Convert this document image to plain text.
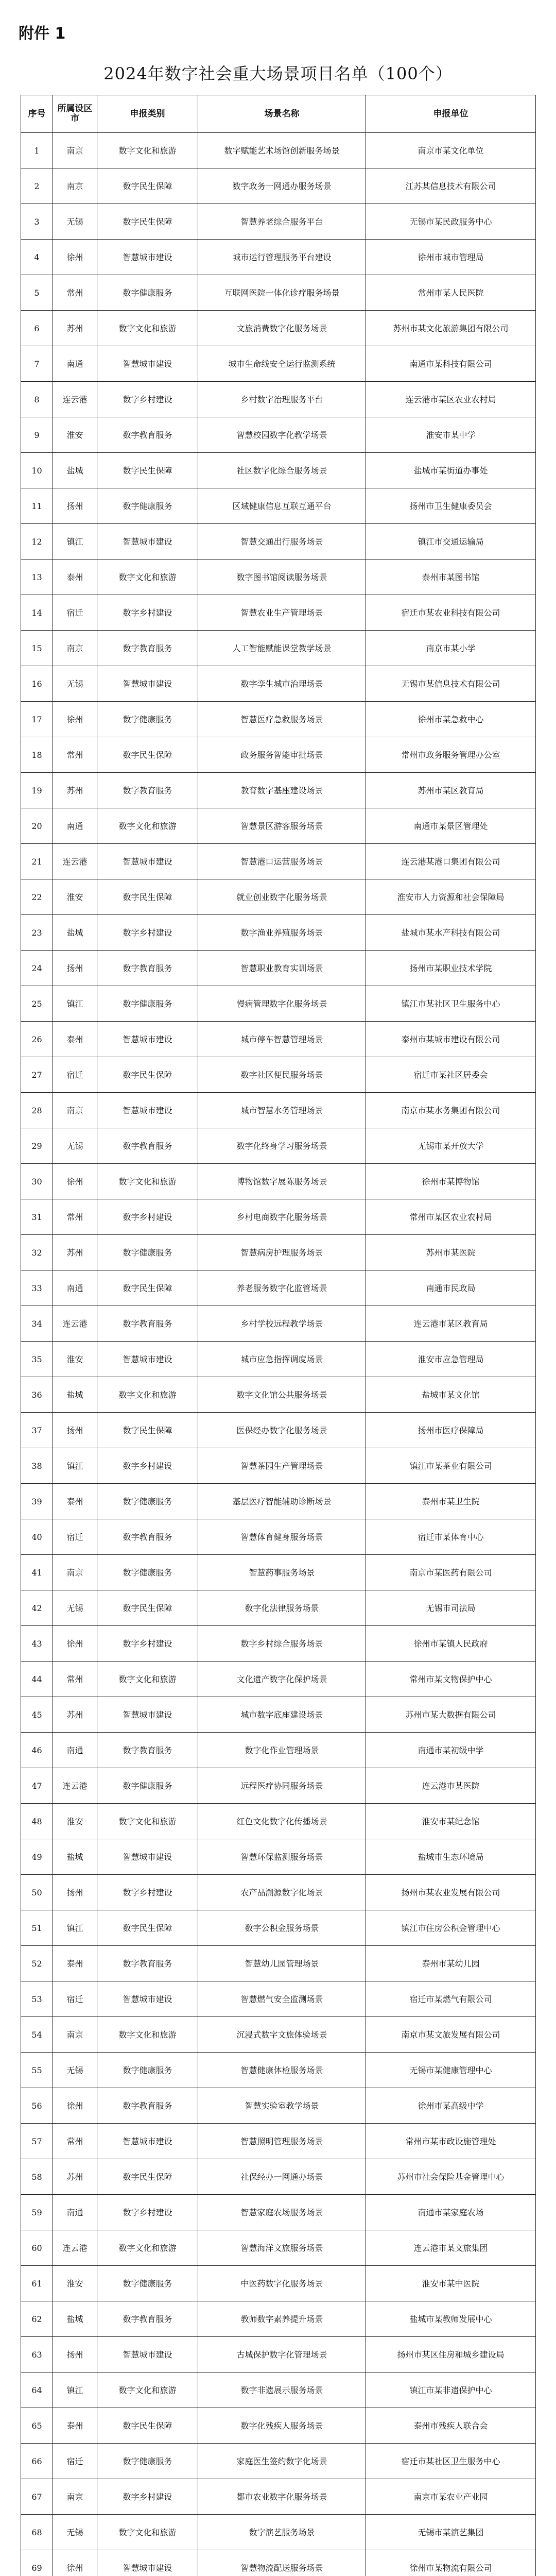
附件 1
2024年数字社会重大场景项目名单（100个）
序号	所属设区市	申报类别	场景名称	申报单位
1	南京	数字文化和旅游	数字赋能艺术场馆创新服务场景	南京市某文化单位
2	南京	数字民生保障	数字政务一网通办服务场景	江苏某信息技术有限公司
3	无锡	数字民生保障	智慧养老综合服务平台	无锡市某民政服务中心
4	徐州	智慧城市建设	城市运行管理服务平台建设	徐州市城市管理局
5	常州	数字健康服务	互联网医院一体化诊疗服务场景	常州市某人民医院
6	苏州	数字文化和旅游	文旅消费数字化服务场景	苏州市某文化旅游集团有限公司
7	南通	智慧城市建设	城市生命线安全运行监测系统	南通市某科技有限公司
8	连云港	数字乡村建设	乡村数字治理服务平台	连云港市某区农业农村局
9	淮安	数字教育服务	智慧校园数字化教学场景	淮安市某中学
10	盐城	数字民生保障	社区数字化综合服务场景	盐城市某街道办事处
11	扬州	数字健康服务	区域健康信息互联互通平台	扬州市卫生健康委员会
12	镇江	智慧城市建设	智慧交通出行服务场景	镇江市交通运输局
13	泰州	数字文化和旅游	数字图书馆阅读服务场景	泰州市某图书馆
14	宿迁	数字乡村建设	智慧农业生产管理场景	宿迁市某农业科技有限公司
15	南京	数字教育服务	人工智能赋能课堂教学场景	南京市某小学
16	无锡	智慧城市建设	数字孪生城市治理场景	无锡市某信息技术有限公司
17	徐州	数字健康服务	智慧医疗急救服务场景	徐州市某急救中心
18	常州	数字民生保障	政务服务智能审批场景	常州市政务服务管理办公室
19	苏州	数字教育服务	教育数字基座建设场景	苏州市某区教育局
20	南通	数字文化和旅游	智慧景区游客服务场景	南通市某景区管理处
21	连云港	智慧城市建设	智慧港口运营服务场景	连云港某港口集团有限公司
22	淮安	数字民生保障	就业创业数字化服务场景	淮安市人力资源和社会保障局
23	盐城	数字乡村建设	数字渔业养殖服务场景	盐城市某水产科技有限公司
24	扬州	数字教育服务	智慧职业教育实训场景	扬州市某职业技术学院
25	镇江	数字健康服务	慢病管理数字化服务场景	镇江市某社区卫生服务中心
26	泰州	智慧城市建设	城市停车智慧管理场景	泰州市某城市建设有限公司
27	宿迁	数字民生保障	数字社区便民服务场景	宿迁市某社区居委会
28	南京	智慧城市建设	城市智慧水务管理场景	南京市某水务集团有限公司
29	无锡	数字教育服务	数字化终身学习服务场景	无锡市某开放大学
30	徐州	数字文化和旅游	博物馆数字展陈服务场景	徐州市某博物馆
31	常州	数字乡村建设	乡村电商数字化服务场景	常州市某区农业农村局
32	苏州	数字健康服务	智慧病房护理服务场景	苏州市某医院
33	南通	数字民生保障	养老服务数字化监管场景	南通市民政局
34	连云港	数字教育服务	乡村学校远程教学场景	连云港市某区教育局
35	淮安	智慧城市建设	城市应急指挥调度场景	淮安市应急管理局
36	盐城	数字文化和旅游	数字文化馆公共服务场景	盐城市某文化馆
37	扬州	数字民生保障	医保经办数字化服务场景	扬州市医疗保障局
38	镇江	数字乡村建设	智慧茶园生产管理场景	镇江市某茶业有限公司
39	泰州	数字健康服务	基层医疗智能辅助诊断场景	泰州市某卫生院
40	宿迁	数字教育服务	智慧体育健身服务场景	宿迁市某体育中心
41	南京	数字健康服务	智慧药事服务场景	南京市某医药有限公司
42	无锡	数字民生保障	数字化法律服务场景	无锡市司法局
43	徐州	数字乡村建设	数字乡村综合服务场景	徐州市某镇人民政府
44	常州	数字文化和旅游	文化遗产数字化保护场景	常州市某文物保护中心
45	苏州	智慧城市建设	城市数字底座建设场景	苏州市某大数据有限公司
46	南通	数字教育服务	数字化作业管理场景	南通市某初级中学
47	连云港	数字健康服务	远程医疗协同服务场景	连云港市某医院
48	淮安	数字文化和旅游	红色文化数字化传播场景	淮安市某纪念馆
49	盐城	智慧城市建设	智慧环保监测服务场景	盐城市生态环境局
50	扬州	数字乡村建设	农产品溯源数字化场景	扬州市某农业发展有限公司
51	镇江	数字民生保障	数字公积金服务场景	镇江市住房公积金管理中心
52	泰州	数字教育服务	智慧幼儿园管理场景	泰州市某幼儿园
53	宿迁	智慧城市建设	智慧燃气安全监测场景	宿迁市某燃气有限公司
54	南京	数字文化和旅游	沉浸式数字文旅体验场景	南京市某文旅发展有限公司
55	无锡	数字健康服务	智慧健康体检服务场景	无锡市某健康管理中心
56	徐州	数字教育服务	智慧实验室教学场景	徐州市某高级中学
57	常州	智慧城市建设	智慧照明管理服务场景	常州市某市政设施管理处
58	苏州	数字民生保障	社保经办一网通办场景	苏州市社会保险基金管理中心
59	南通	数字乡村建设	智慧家庭农场服务场景	南通市某家庭农场
60	连云港	数字文化和旅游	智慧海洋文旅服务场景	连云港市某文旅集团
61	淮安	数字健康服务	中医药数字化服务场景	淮安市某中医院
62	盐城	数字教育服务	教师数字素养提升场景	盐城市某教师发展中心
63	扬州	智慧城市建设	古城保护数字化管理场景	扬州市某区住房和城乡建设局
64	镇江	数字文化和旅游	数字非遗展示服务场景	镇江市某非遗保护中心
65	泰州	数字民生保障	数字化残疾人服务场景	泰州市残疾人联合会
66	宿迁	数字健康服务	家庭医生签约数字化场景	宿迁市某社区卫生服务中心
67	南京	数字乡村建设	都市农业数字化服务场景	南京市某农业产业园
68	无锡	数字文化和旅游	数字演艺服务场景	无锡市某演艺集团
69	徐州	智慧城市建设	智慧物流配送服务场景	徐州市某物流有限公司
